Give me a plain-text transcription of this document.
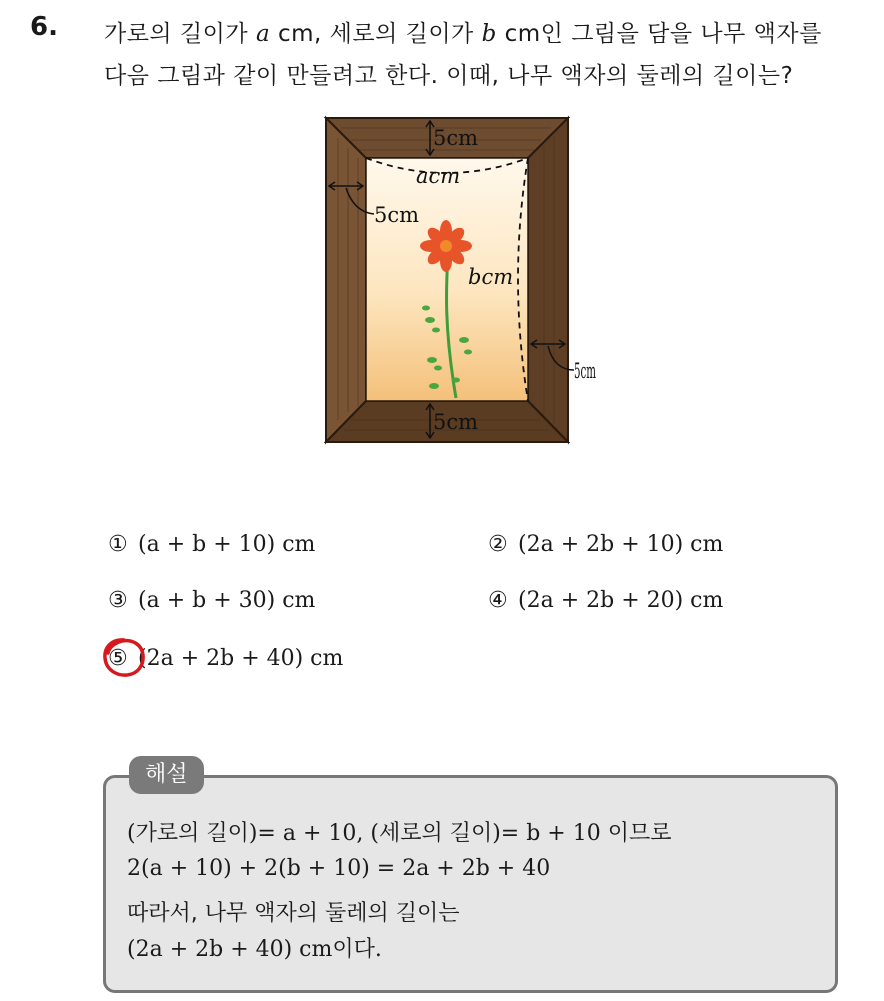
6. 가로의 길이가 a cm, 세로의 길이가 b cm인 그림을 담을 나무 액자를
다음 그림과 같이 만들려고 한다. 이때, 나무 액자의 둘레의 길이는?
5cm
5cm
5cm
5cm
acm
bcm
① (a + b + 10) cm	② (2a + 2b + 10) cm
③ (a + b + 30) cm	④ (2a + 2b + 20) cm
⑤ (2a + 2b + 40) cm
해설
(가로의 길이)= a + 10, (세로의 길이)= b + 10 이므로
2(a + 10) + 2(b + 10) = 2a + 2b + 40
따라서, 나무 액자의 둘레의 길이는
(2a + 2b + 40) cm이다.
